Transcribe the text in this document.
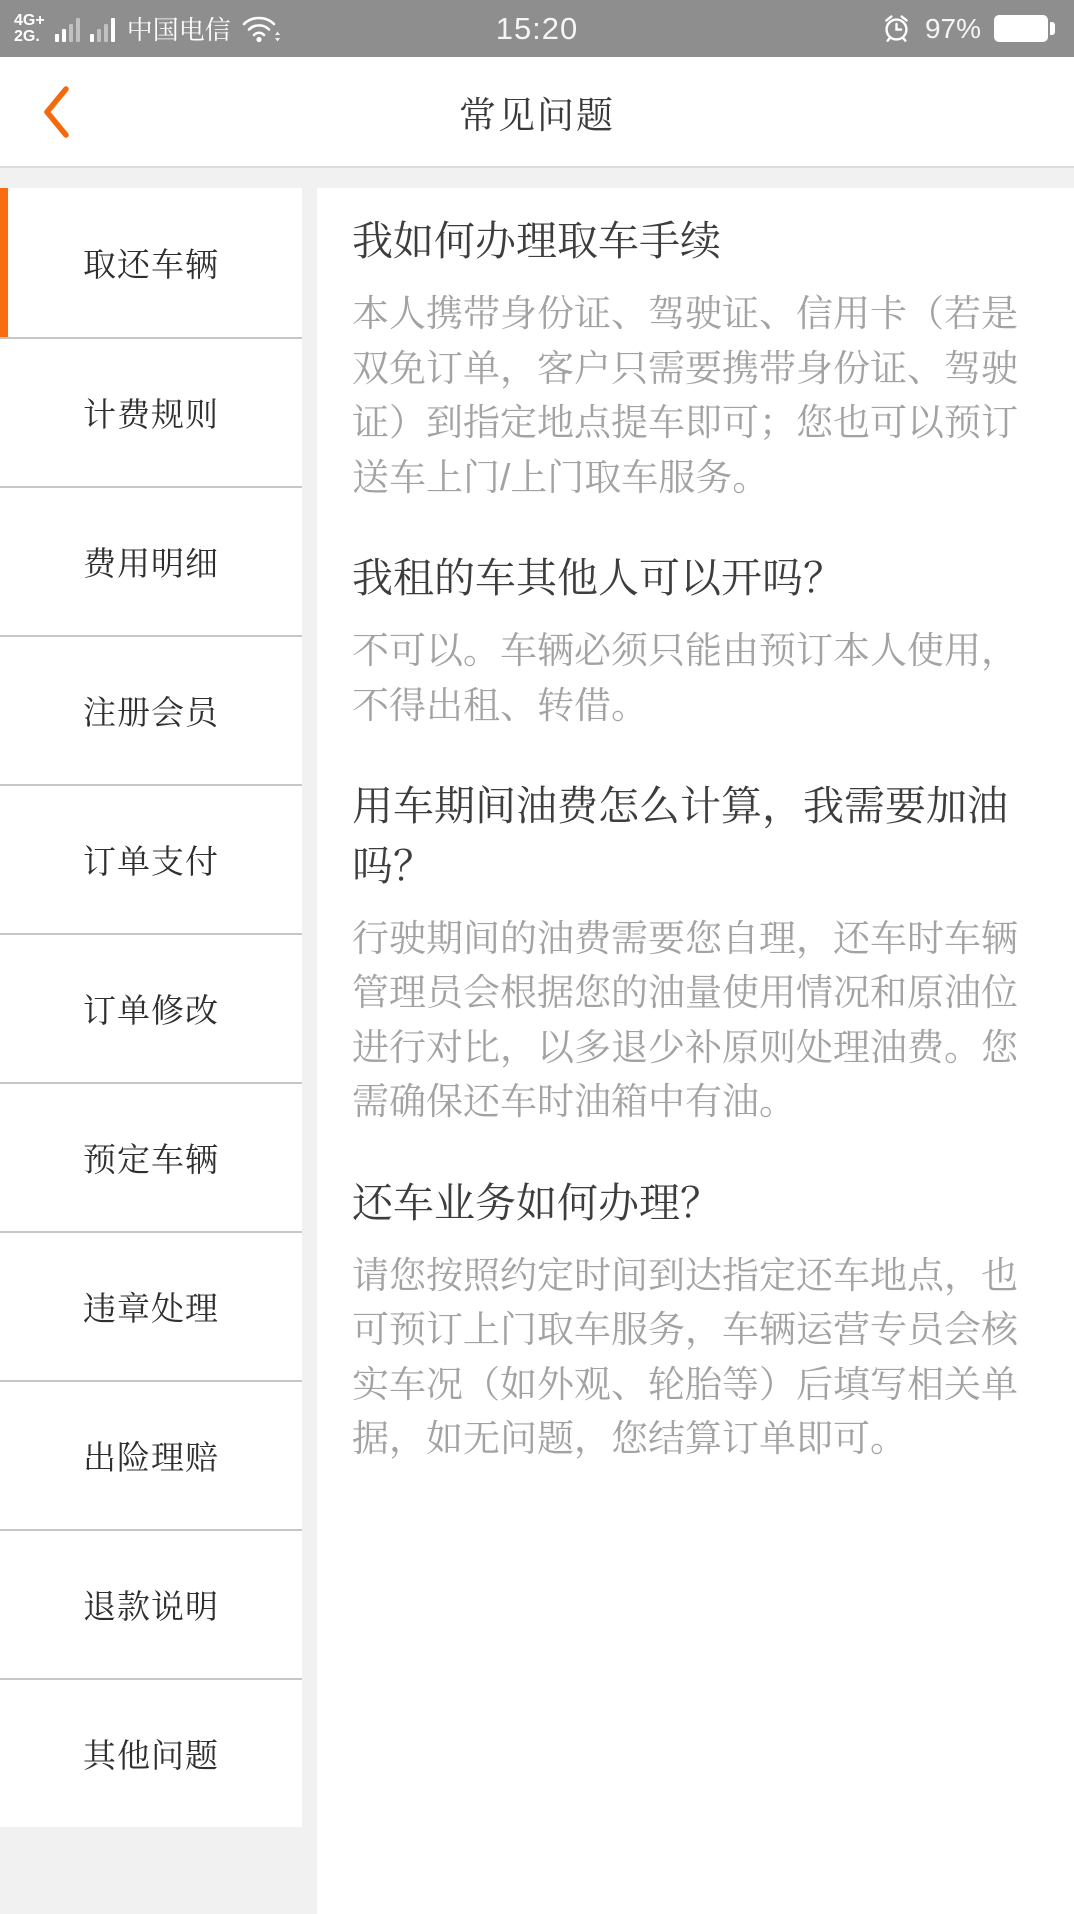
4G+
2G.	中国电信	15:20	97%
常见问题
取还车辆
计费规则
费用明细
注册会员
订单支付
订单修改
预定车辆
违章处理
出险理赔
退款说明
其他问题
我如何办理取车手续

本人携带身份证、驾驶证、信用卡（若是双免订单，客户只需要携带身份证、驾驶证）到指定地点提车即可；您也可以预订送车上门/上门取车服务。

我租的车其他人可以开吗？

不可以。车辆必须只能由预订本人使用，不得出租、转借。

用车期间油费怎么计算，我需要加油吗？

行驶期间的油费需要您自理，还车时车辆管理员会根据您的油量使用情况和原油位进行对比，以多退少补原则处理油费。您需确保还车时油箱中有油。

还车业务如何办理？

请您按照约定时间到达指定还车地点，也可预订上门取车服务，车辆运营专员会核实车况（如外观、轮胎等）后填写相关单据，如无问题，您结算订单即可。
